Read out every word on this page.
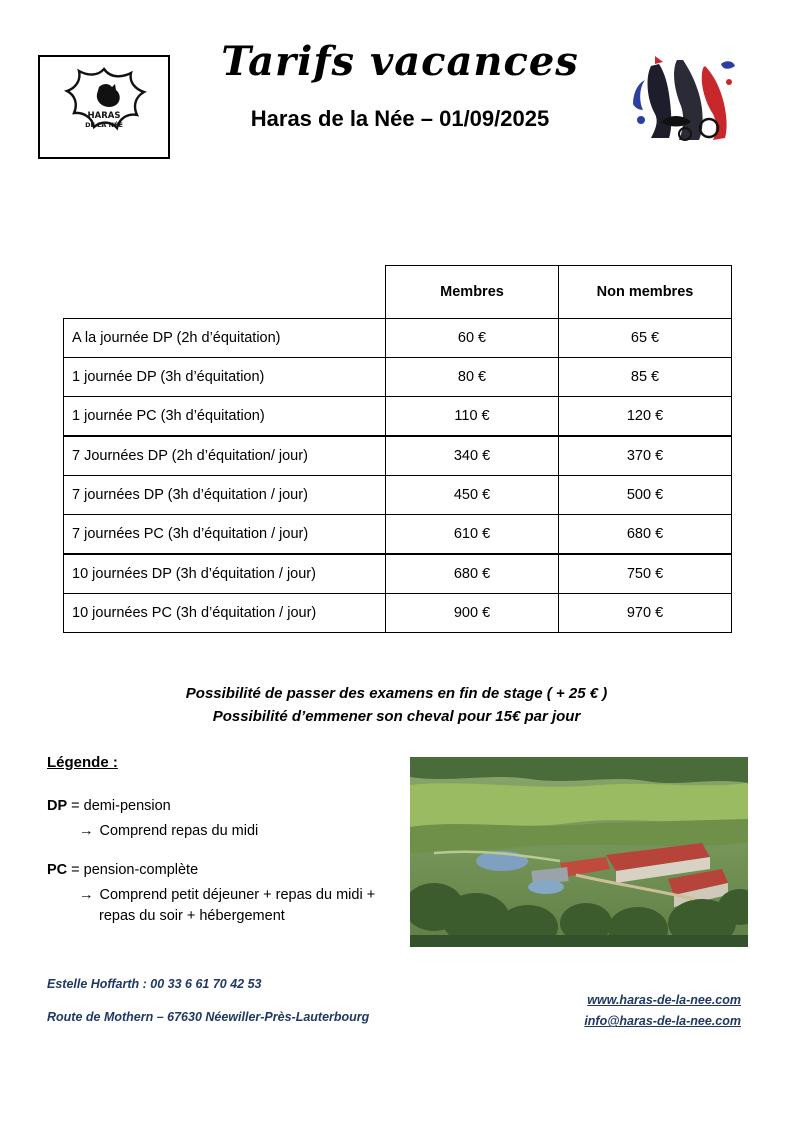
HARAS
DE LA NÉE
Tarifs vacances
Haras de la Née – 01/09/2025
	Membres	Non membres
A la journée DP (2h d’équitation)	60 €	65 €
1 journée DP (3h d’équitation)	80 €	85 €
1 journée PC (3h d’équitation)	110 €	120 €
7 Journées DP (2h d’équitation/ jour)	340 €	370 €
7 journées DP (3h d’équitation / jour)	450 €	500 €
7 journées PC (3h d’équitation / jour)	610 €	680 €
10 journées DP (3h d’équitation / jour)	680 €	750 €
10 journées PC (3h d’équitation / jour)	900 €	970 €
Possibilité de passer des examens en fin de stage ( + 25 € )
Possibilité d’emmener son cheval pour 15€ par jour
Légende :
DP = demi-pension
→ Comprend repas du midi
PC = pension-complète
→ Comprend petit déjeuner + repas du midi +
repas du soir + hébergement
Estelle Hoffarth : 00 33 6 61 70 42 53
Route de Mothern – 67630 Néewiller-Près-Lauterbourg
www.haras-de-la-nee.com
info@haras-de-la-nee.com
